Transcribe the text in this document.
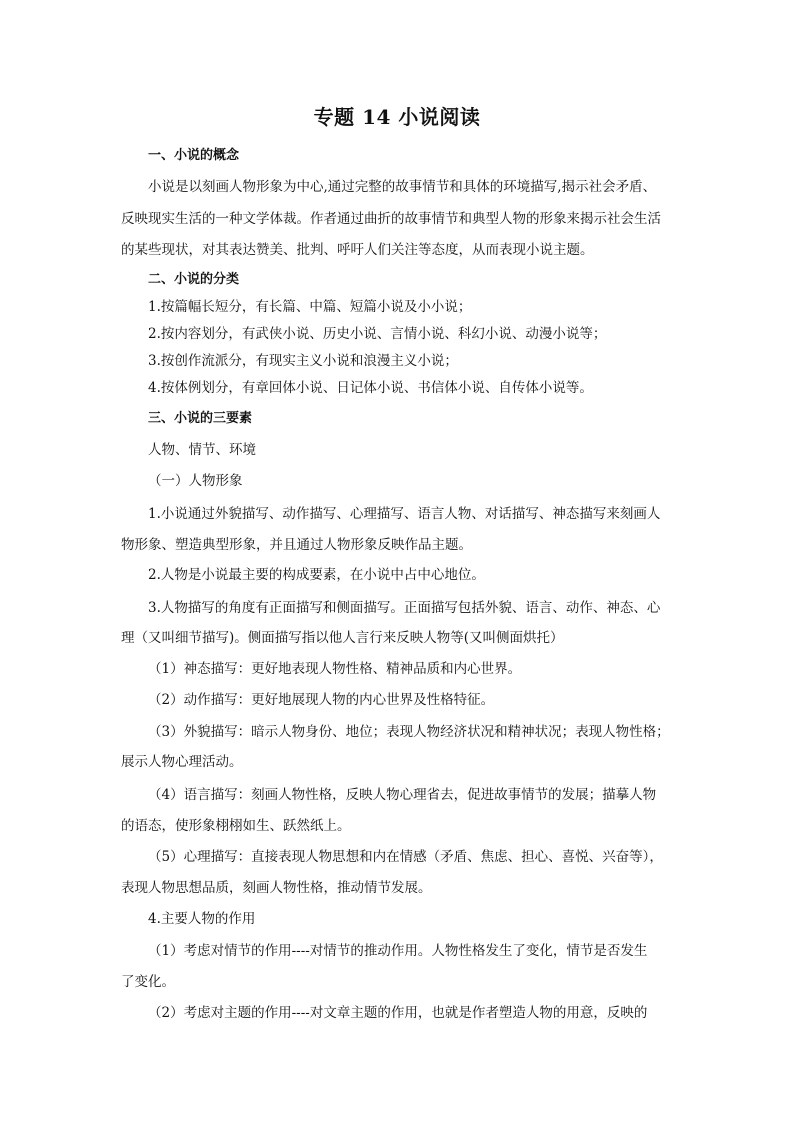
专题 14 小说阅读
一、小说的概念
小说是以刻画人物形象为中心,通过完整的故事情节和具体的环境描写,揭示社会矛盾、
反映现实生活的一种文学体裁。作者通过曲折的故事情节和典型人物的形象来揭示社会生活
的某些现状，对其表达赞美、批判、呼吁人们关注等态度，从而表现小说主题。
二、小说的分类
1.按篇幅长短分，有长篇、中篇、短篇小说及小小说；
2.按内容划分，有武侠小说、历史小说、言情小说、科幻小说、动漫小说等；
3.按创作流派分，有现实主义小说和浪漫主义小说；
4.按体例划分，有章回体小说、日记体小说、书信体小说、自传体小说等。
三、小说的三要素
人物、情节、环境
（一）人物形象
1.小说通过外貌描写、动作描写、心理描写、语言人物、对话描写、神态描写来刻画人
物形象、塑造典型形象，并且通过人物形象反映作品主题。
2.人物是小说最主要的构成要素，在小说中占中心地位。
3.人物描写的角度有正面描写和侧面描写。正面描写包括外貌、语言、动作、神态、心
理（又叫细节描写)。侧面描写指以他人言行来反映人物等(又叫侧面烘托）
（1）神态描写：更好地表现人物性格、精神品质和内心世界。
（2）动作描写：更好地展现人物的内心世界及性格特征。
（3）外貌描写：暗示人物身份、地位；表现人物经济状况和精神状况；表现人物性格；
展示人物心理活动。
（4）语言描写：刻画人物性格，反映人物心理省去，促进故事情节的发展；描摹人物
的语态，使形象栩栩如生、跃然纸上。
（5）心理描写：直接表现人物思想和内在情感（矛盾、焦虑、担心、喜悦、兴奋等），
表现人物思想品质，刻画人物性格，推动情节发展。
4.主要人物的作用
（1）考虑对情节的作用----对情节的推动作用。人物性格发生了变化，情节是否发生
了变化。
（2）考虑对主题的作用----对文章主题的作用，也就是作者塑造人物的用意，反映的
